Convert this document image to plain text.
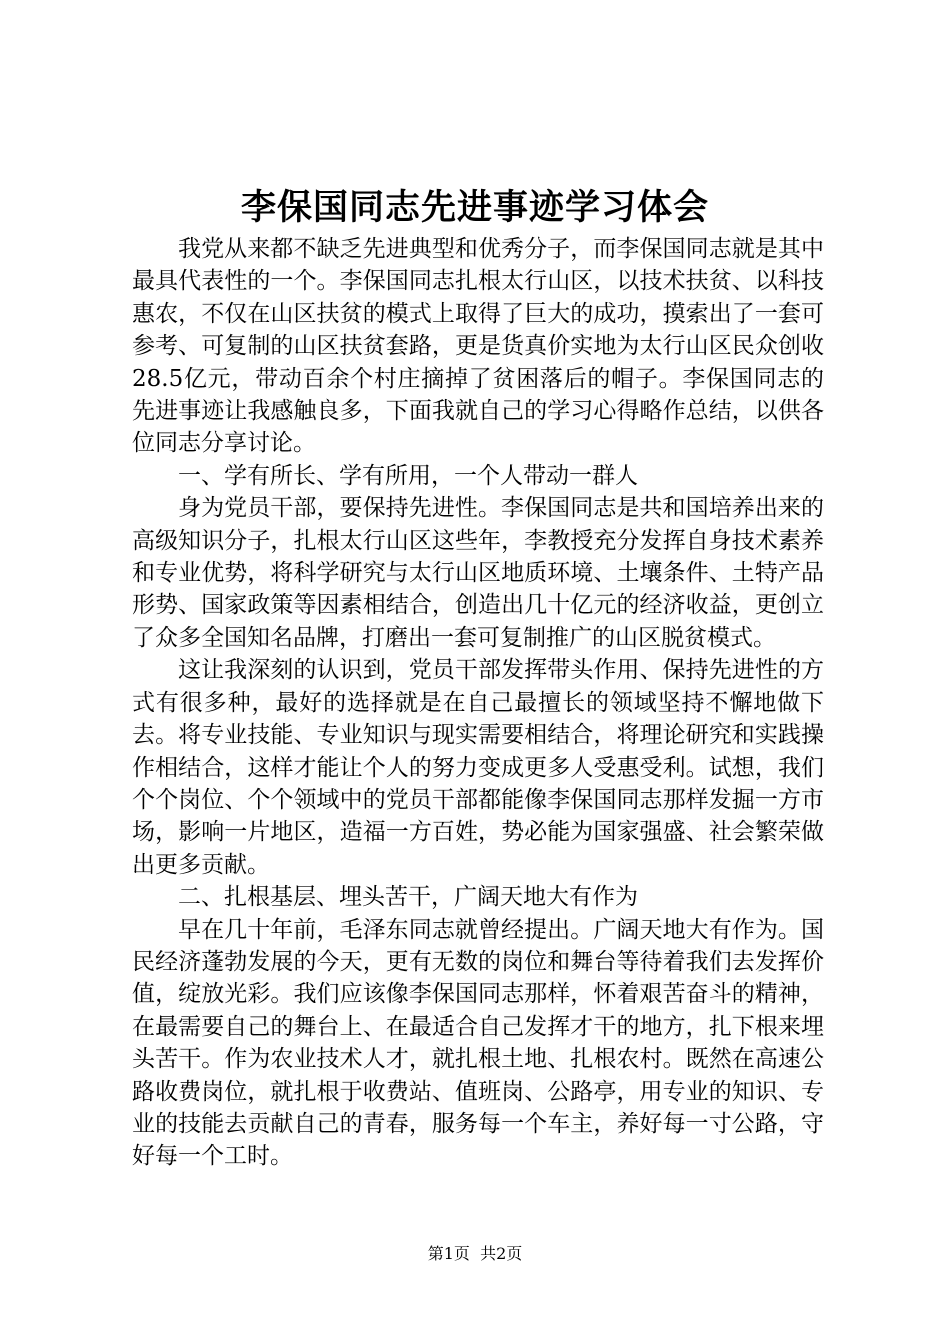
李保国同志先进事迹学习体会

我党从来都不缺乏先进典型和优秀分子，而李保国同志就是其中最具代表性的一个。李保国同志扎根太行山区，以技术扶贫、以科技惠农，不仅在山区扶贫的模式上取得了巨大的成功，摸索出了一套可参考、可复制的山区扶贫套路，更是货真价实地为太行山区民众创收28.5亿元，带动百余个村庄摘掉了贫困落后的帽子。李保国同志的先进事迹让我感触良多，下面我就自己的学习心得略作总结，以供各位同志分享讨论。

一、学有所长、学有所用，一个人带动一群人

身为党员干部，要保持先进性。李保国同志是共和国培养出来的高级知识分子，扎根太行山区这些年，李教授充分发挥自身技术素养和专业优势，将科学研究与太行山区地质环境、土壤条件、土特产品形势、国家政策等因素相结合，创造出几十亿元的经济收益，更创立了众多全国知名品牌，打磨出一套可复制推广的山区脱贫模式。

这让我深刻的认识到，党员干部发挥带头作用、保持先进性的方式有很多种，最好的选择就是在自己最擅长的领域坚持不懈地做下去。将专业技能、专业知识与现实需要相结合，将理论研究和实践操作相结合，这样才能让个人的努力变成更多人受惠受利。试想，我们个个岗位、个个领域中的党员干部都能像李保国同志那样发掘一方市场，影响一片地区，造福一方百姓，势必能为国家强盛、社会繁荣做出更多贡献。

二、扎根基层、埋头苦干，广阔天地大有作为

早在几十年前，毛泽东同志就曾经提出。广阔天地大有作为。国民经济蓬勃发展的今天，更有无数的岗位和舞台等待着我们去发挥价值，绽放光彩。我们应该像李保国同志那样，怀着艰苦奋斗的精神，在最需要自己的舞台上、在最适合自己发挥才干的地方，扎下根来埋头苦干。作为农业技术人才，就扎根土地、扎根农村。既然在高速公路收费岗位，就扎根于收费站、值班岗、公路亭，用专业的知识、专业的技能去贡献自己的青春，服务每一个车主，养好每一寸公路，守好每一个工时。

第1页  共2页
